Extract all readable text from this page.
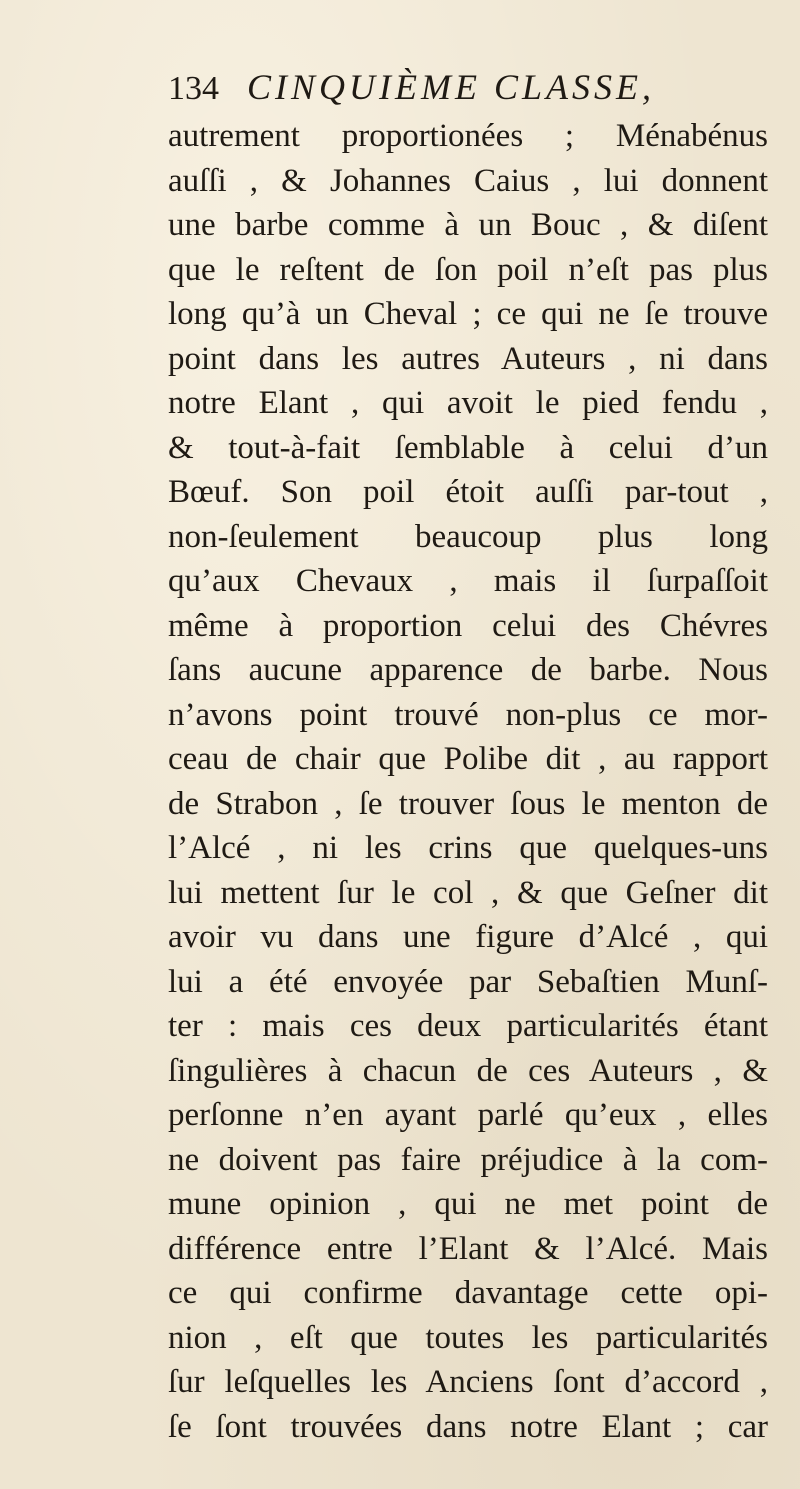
134 CINQUIÈME CLASSE,
autrement proportionées ; Ménabénus
auſſi , & Johannes Caius , lui donnent
une barbe comme à un Bouc , & diſent
que le reſtent de ſon poil n’eſt pas plus
long qu’à un Cheval ; ce qui ne ſe trouve
point dans les autres Auteurs , ni dans
notre Elant , qui avoit le pied fendu ,
& tout-à-fait ſemblable à celui d’un
Bœuf. Son poil étoit auſſi par-tout ,
non-ſeulement beaucoup plus long
qu’aux Chevaux , mais il ſurpaſſoit
même à proportion celui des Chévres
ſans aucune apparence de barbe. Nous
n’avons point trouvé non-plus ce mor-
ceau de chair que Polibe dit , au rapport
de Strabon , ſe trouver ſous le menton de
l’Alcé , ni les crins que quelques-uns
lui mettent ſur le col , & que Geſner dit
avoir vu dans une figure d’Alcé , qui
lui a été envoyée par Sebaſtien Munſ-
ter : mais ces deux particularités étant
ſingulières à chacun de ces Auteurs , &
perſonne n’en ayant parlé qu’eux , elles
ne doivent pas faire préjudice à la com-
mune opinion , qui ne met point de
différence entre l’Elant & l’Alcé. Mais
ce qui confirme davantage cette opi-
nion , eſt que toutes les particularités
ſur leſquelles les Anciens ſont d’accord ,
ſe ſont trouvées dans notre Elant ; car
